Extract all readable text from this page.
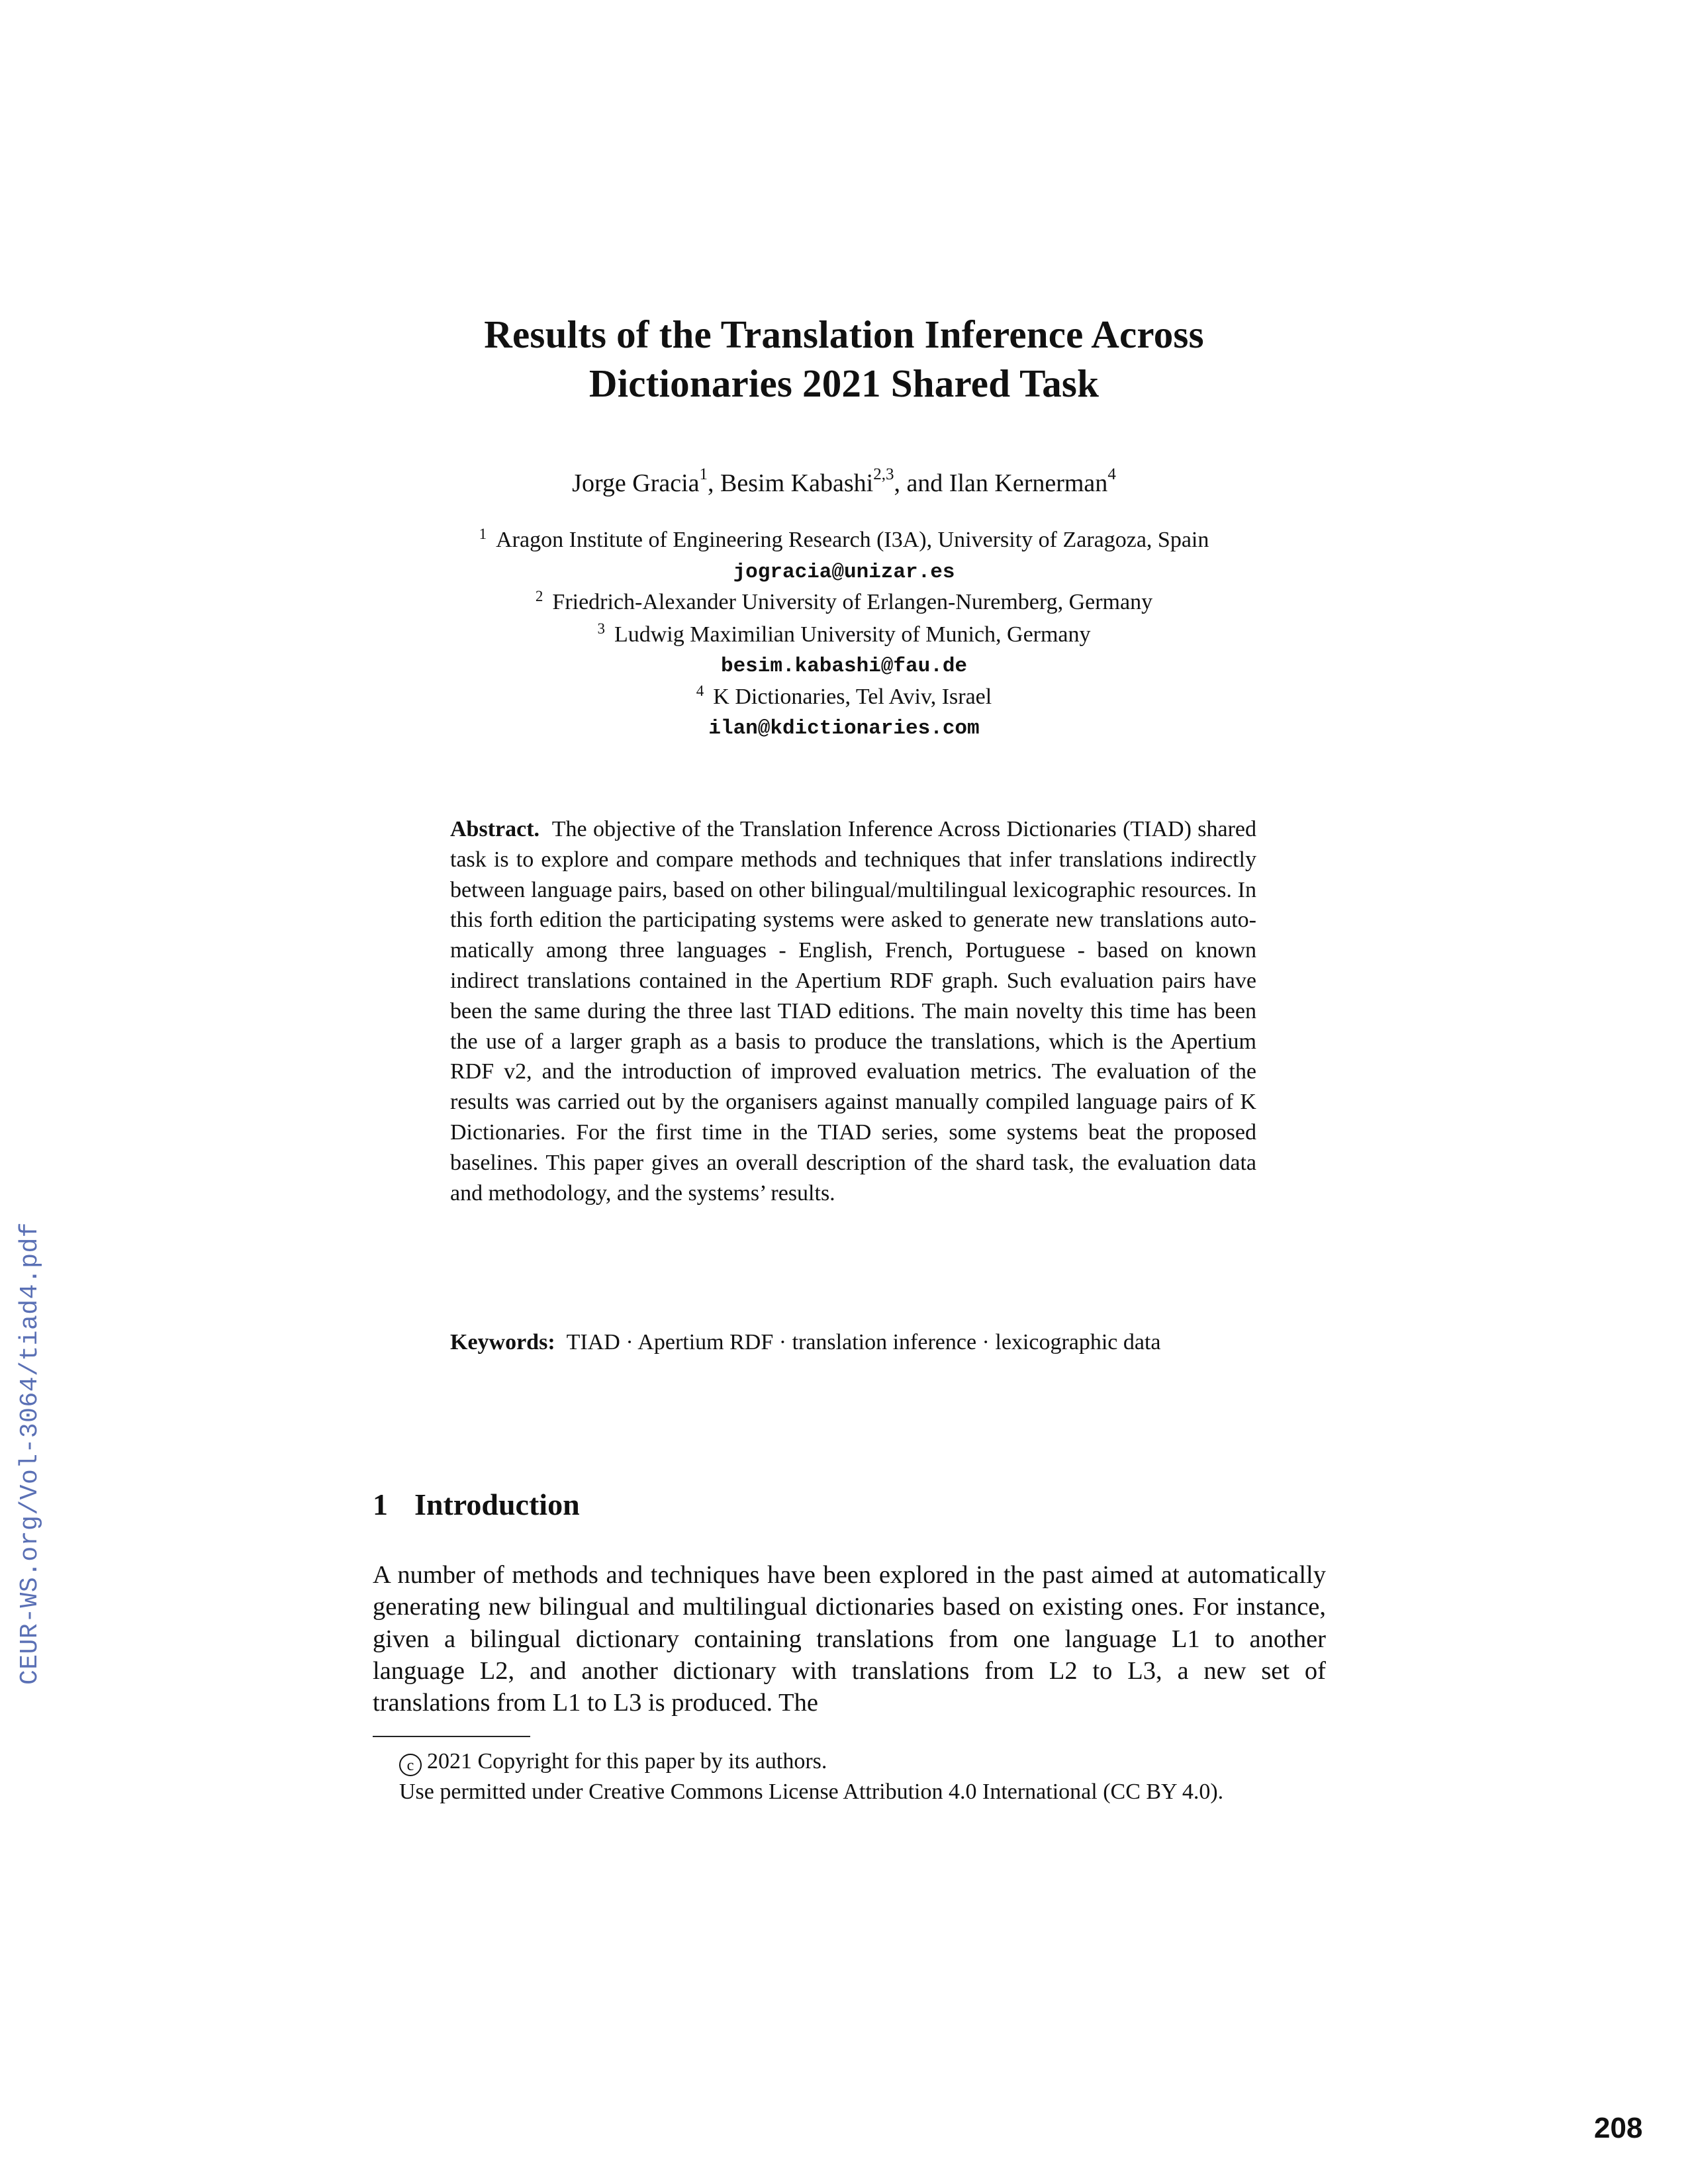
CEUR-WS.org/Vol-3064/tiad4.pdf
Results of the Translation Inference Across
Dictionaries 2021 Shared Task
Jorge Gracia$^1$, Besim Kabashi$^{2,3}$, and Ilan Kernerman$^4$
$^1$ Aragon Institute of Engineering Research (I3A), University of Zaragoza, Spain
jogracia@unizar.es
$^2$ Friedrich-Alexander University of Erlangen-Nuremberg, Germany
$^3$ Ludwig Maximilian University of Munich, Germany
besim.kabashi@fau.de
$^4$ K Dictionaries, Tel Aviv, Israel
ilan@kdictionaries.com
Abstract. The objective of the Translation Inference Across Dictionaries (TIAD) shared task is to explore and compare methods and techniques that infer translations indirectly between language pairs, based on other bilingual/multilingual lexicographic resources. In this forth edition the participating systems were asked to generate new translations automatically among three languages - English, French, Portuguese - based on known indirect translations contained in the Apertium RDF graph. Such evaluation pairs have been the same during the three last TIAD editions. The main novelty this time has been the use of a larger graph as a basis to produce the translations, which is the Apertium RDF v2, and the introduction of improved evaluation metrics. The evaluation of the results was carried out by the organisers against manually compiled language pairs of K Dictionaries. For the first time in the TIAD series, some systems beat the proposed baselines. This paper gives an overall description of the shard task, the evaluation data and methodology, and the systems’ results.
Keywords: TIAD · Apertium RDF · translation inference · lexicographic data
1 Introduction
A number of methods and techniques have been explored in the past aimed at automatically generating new bilingual and multilingual dictionaries based on existing ones. For instance, given a bilingual dictionary containing translations from one language L1 to another language L2, and another dictionary with translations from L2 to L3, a new set of translations from L1 to L3 is produced. The
c 2021 Copyright for this paper by its authors.
Use permitted under Creative Commons License Attribution 4.0 International (CC BY 4.0).
208
